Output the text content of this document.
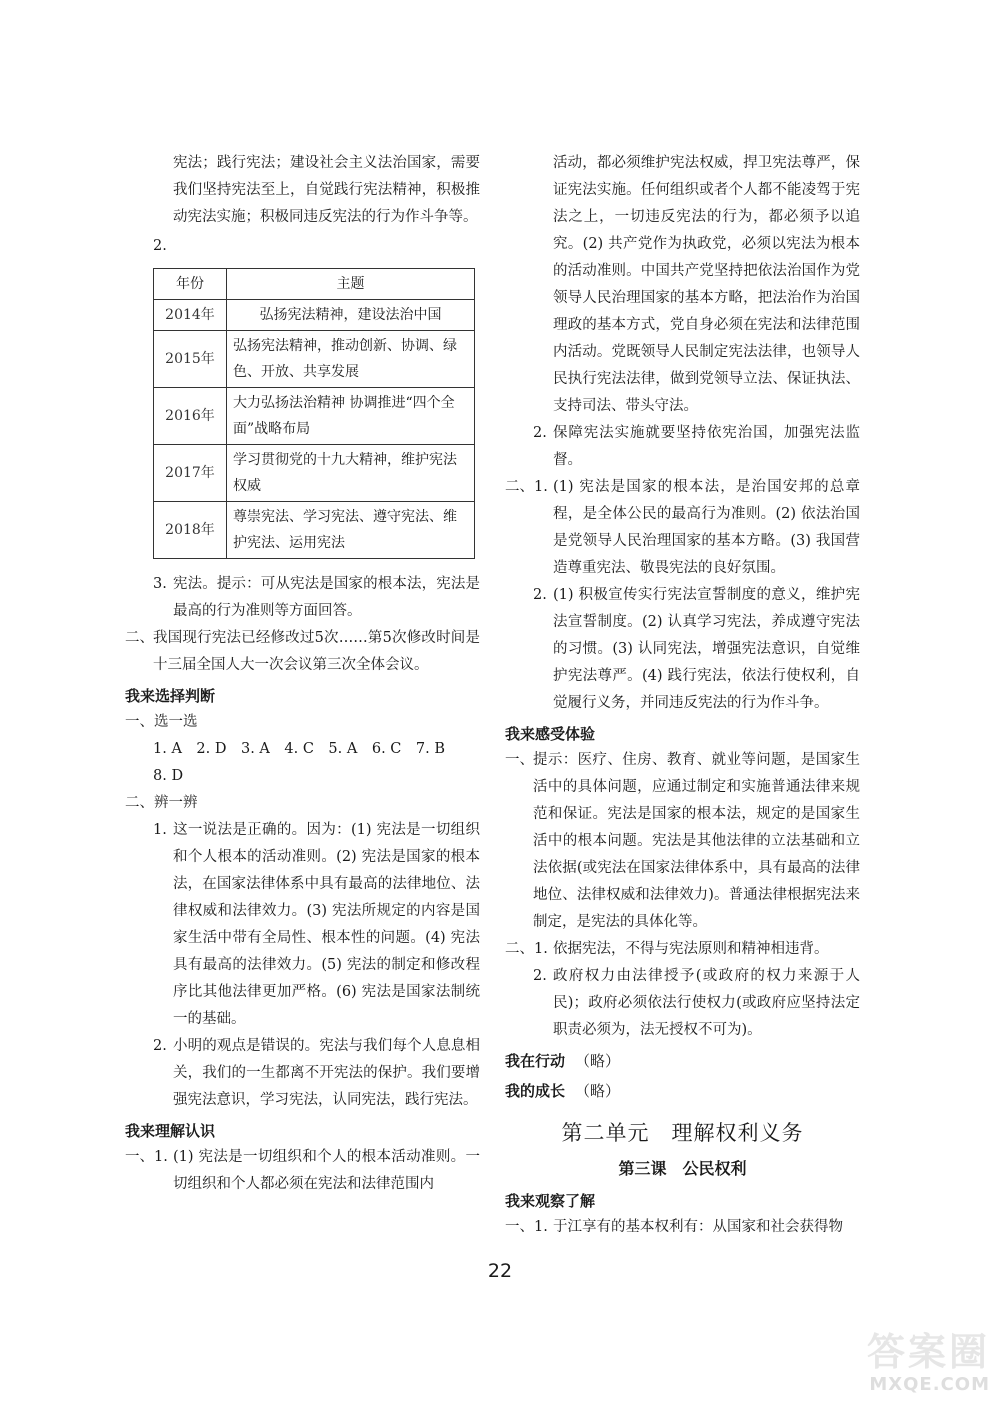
宪法；践行宪法；建设社会主义法治国家，需要我们坚持宪法至上，自觉践行宪法精神，积极推动宪法实施；积极同违反宪法的行为作斗争等。
2.
年份	主题
2014年	弘扬宪法精神，建设法治中国
2015年	弘扬宪法精神，推动创新、协调、绿色、开放、共享发展
2016年	大力弘扬法治精神 协调推进“四个全面”战略布局
2017年	学习贯彻党的十九大精神，维护宪法权威
2018年	尊崇宪法、学习宪法、遵守宪法、维护宪法、运用宪法
3. 宪法。提示：可从宪法是国家的根本法，宪法是最高的行为准则等方面回答。
二、 我国现行宪法已经修改过5次……第5次修改时间是十三届全国人大一次会议第三次全体会议。
我来选择判断
一、选一选
1. A　2. D　3. A　4. C　5. A　6. C　7. B
8. D
二、辨一辨
1. 这一说法是正确的。因为：(1) 宪法是一切组织和个人根本的活动准则。(2) 宪法是国家的根本法，在国家法律体系中具有最高的法律地位、法律权威和法律效力。(3) 宪法所规定的内容是国家生活中带有全局性、根本性的问题。(4) 宪法具有最高的法律效力。(5) 宪法的制定和修改程序比其他法律更加严格。(6) 宪法是国家法制统一的基础。
2. 小明的观点是错误的。宪法与我们每个人息息相关，我们的一生都离不开宪法的保护。我们要增强宪法意识，学习宪法，认同宪法，践行宪法。
我来理解认识
一、1. (1) 宪法是一切组织和个人的根本活动准则。一切组织和个人都必须在宪法和法律范围内
活动，都必须维护宪法权威，捍卫宪法尊严，保证宪法实施。任何组织或者个人都不能凌驾于宪法之上，一切违反宪法的行为，都必须予以追究。(2) 共产党作为执政党，必须以宪法为根本的活动准则。中国共产党坚持把依法治国作为党领导人民治理国家的基本方略，把法治作为治国理政的基本方式，党自身必须在宪法和法律范围内活动。党既领导人民制定宪法法律，也领导人民执行宪法法律，做到党领导立法、保证执法、支持司法、带头守法。
2. 保障宪法实施就要坚持依宪治国，加强宪法监督。
二、1. (1) 宪法是国家的根本法，是治国安邦的总章程，是全体公民的最高行为准则。(2) 依法治国是党领导人民治理国家的基本方略。(3) 我国营造尊重宪法、敬畏宪法的良好氛围。
2. (1) 积极宣传实行宪法宣誓制度的意义，维护宪法宣誓制度。(2) 认真学习宪法，养成遵守宪法的习惯。(3) 认同宪法，增强宪法意识，自觉维护宪法尊严。(4) 践行宪法，依法行使权利，自觉履行义务，并同违反宪法的行为作斗争。
我来感受体验
一、 提示：医疗、住房、教育、就业等问题，是国家生活中的具体问题，应通过制定和实施普通法律来规范和保证。宪法是国家的根本法，规定的是国家生活中的根本问题。宪法是其他法律的立法基础和立法依据(或宪法在国家法律体系中，具有最高的法律地位、法律权威和法律效力)。普通法律根据宪法来制定，是宪法的具体化等。
二、1. 依据宪法，不得与宪法原则和精神相违背。
2. 政府权力由法律授予(或政府的权力来源于人民)；政府必须依法行使权力(或政府应坚持法定职责必须为，法无授权不可为)。
我在行动 （略）
我的成长 （略）
第二单元　理解权利义务
第三课　公民权利
我来观察了解
一、1. 于江享有的基本权利有：从国家和社会获得物
22
答案圈
MXQE.COM
